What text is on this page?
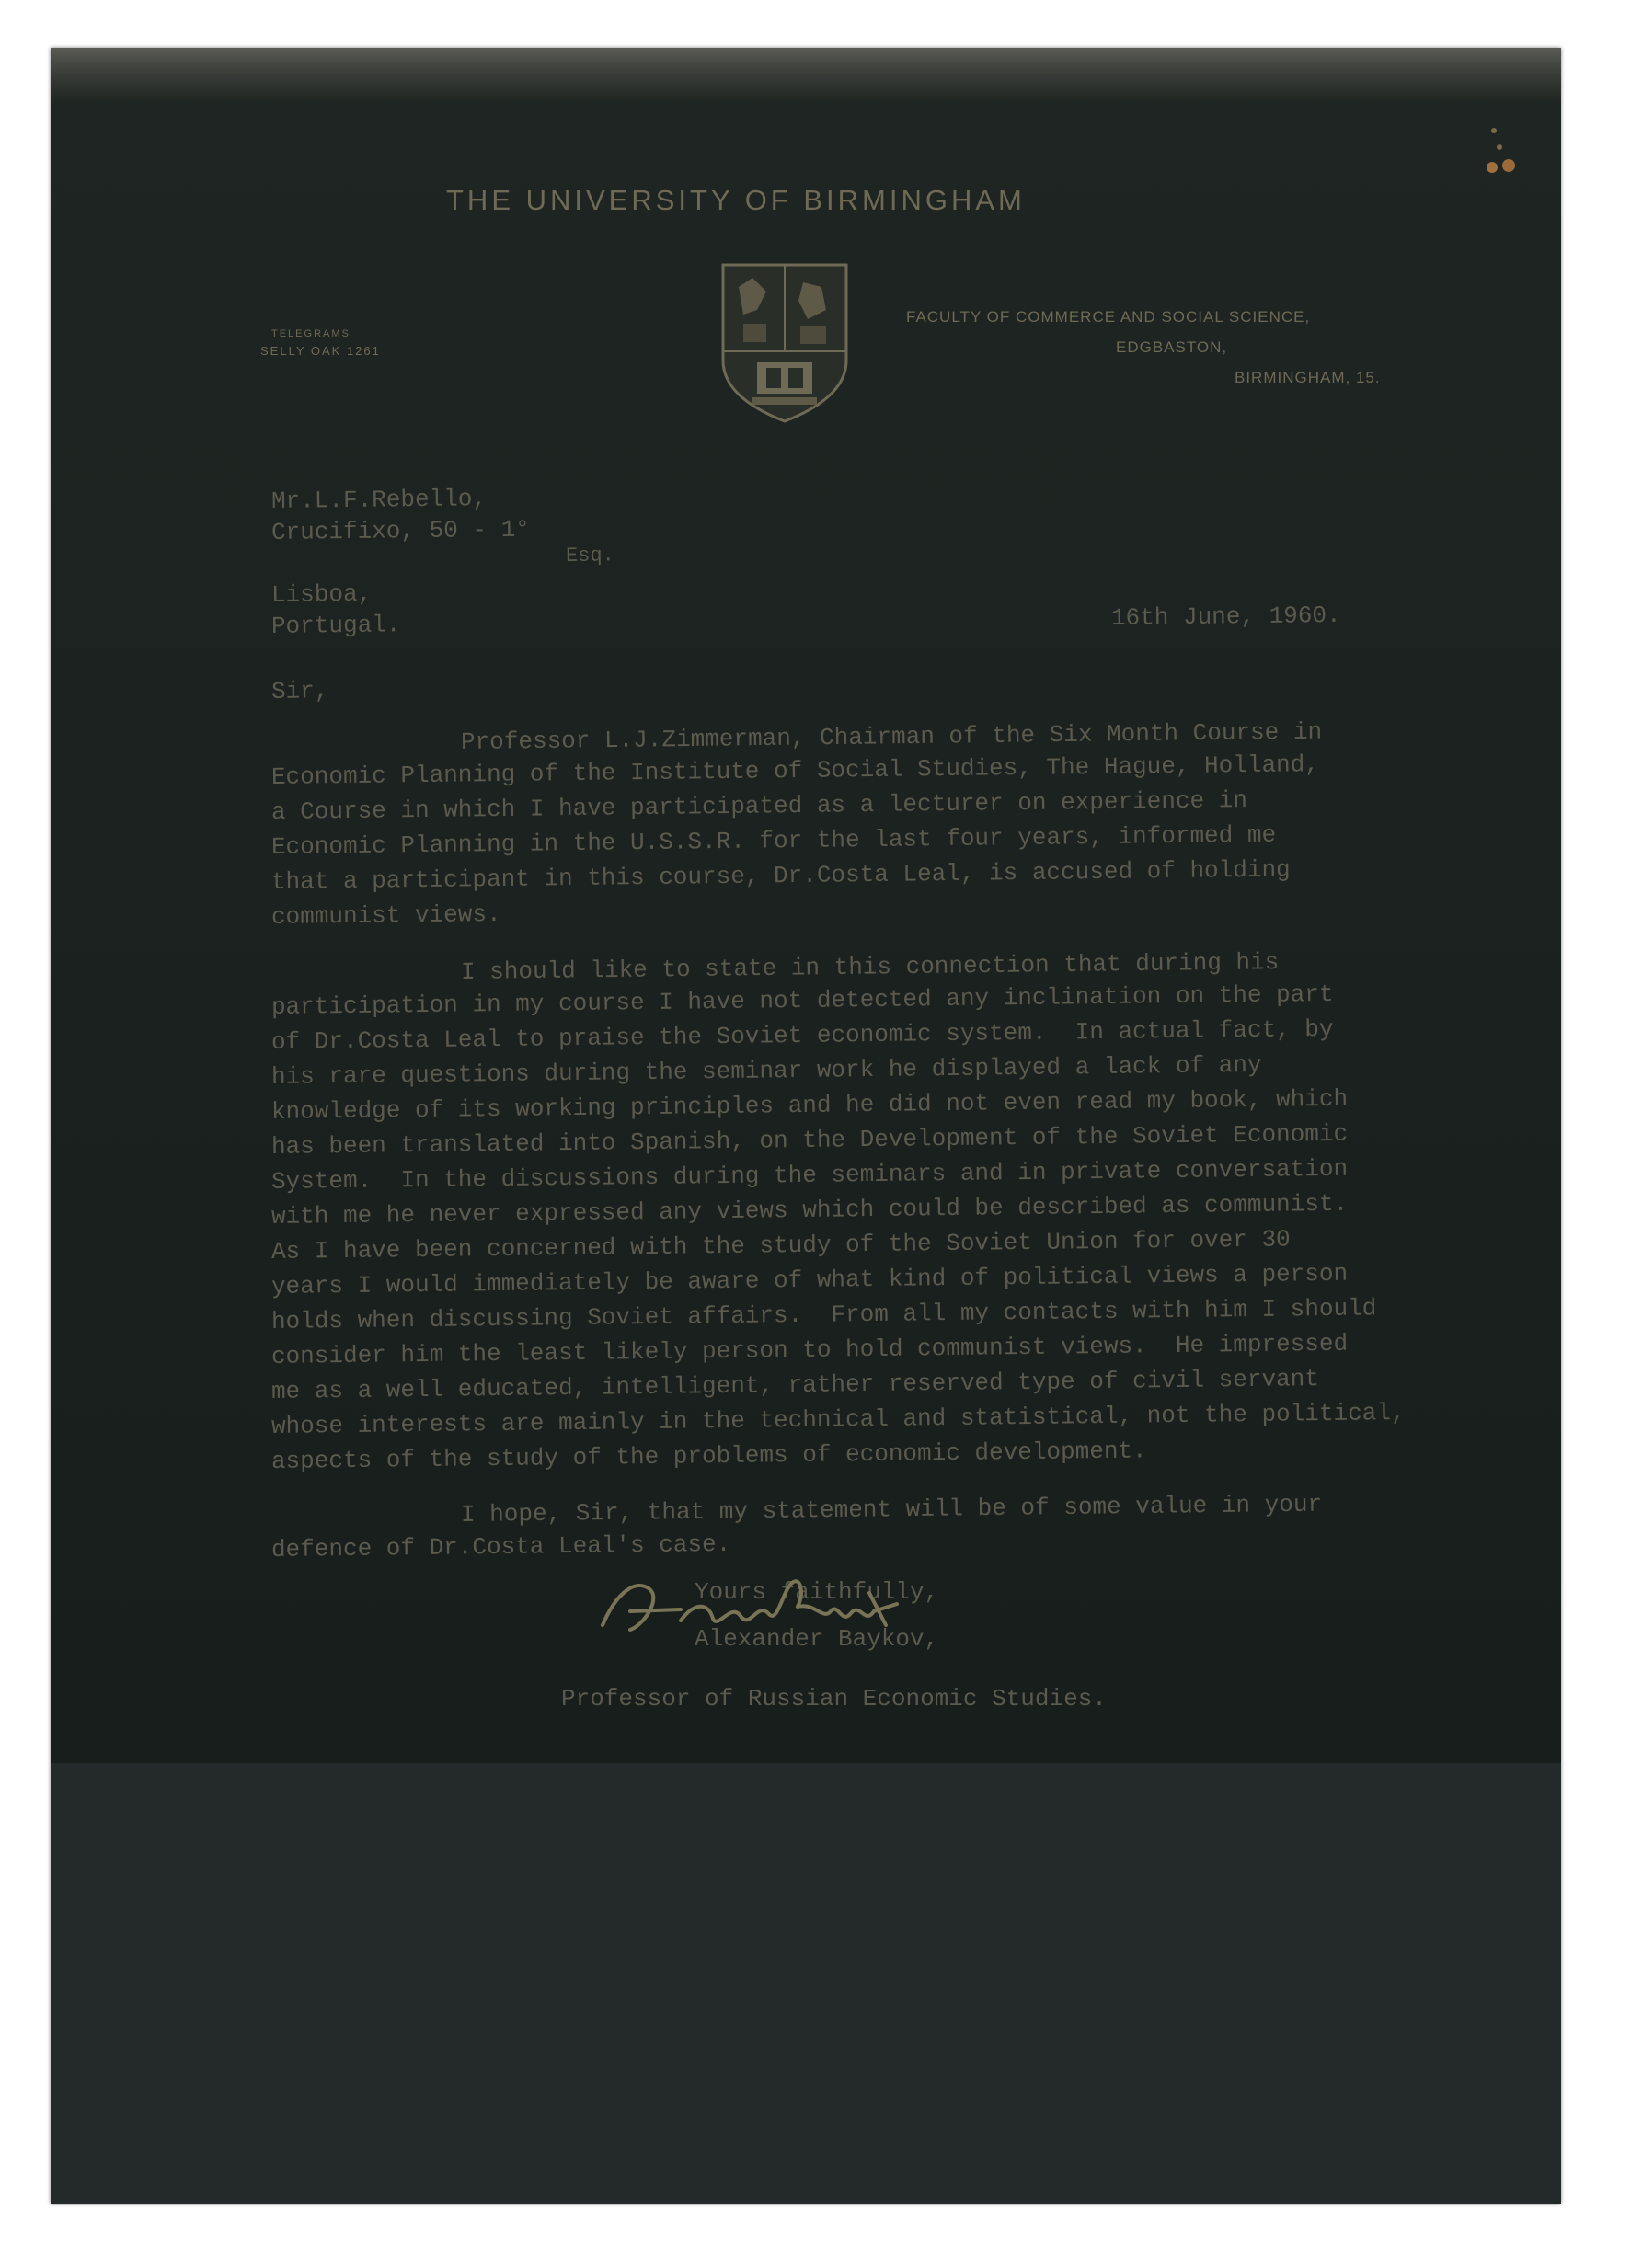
THE UNIVERSITY OF BIRMINGHAM
TELEGRAMS
SELLY OAK 1261
FACULTY OF COMMERCE AND SOCIAL SCIENCE,
EDGBASTON,
BIRMINGHAM, 15.
Mr.L.F.Rebello,
Crucifixo, 50 - 1°
Esq.
Lisboa,
Portugal.	16th June, 1960.
Sir,
Professor L.J.Zimmerman, Chairman of the Six Month Course in
Economic Planning of the Institute of Social Studies, The Hague, Holland,
a Course in which I have participated as a lecturer on experience in
Economic Planning in the U.S.S.R. for the last four years, informed me
that a participant in this course, Dr.Costa Leal, is accused of holding
communist views.
I should like to state in this connection that during his
participation in my course I have not detected any inclination on the part
of Dr.Costa Leal to praise the Soviet economic system.  In actual fact, by
his rare questions during the seminar work he displayed a lack of any
knowledge of its working principles and he did not even read my book, which
has been translated into Spanish, on the Development of the Soviet Economic
System.  In the discussions during the seminars and in private conversation
with me he never expressed any views which could be described as communist.
As I have been concerned with the study of the Soviet Union for over 30
years I would immediately be aware of what kind of political views a person
holds when discussing Soviet affairs.  From all my contacts with him I should
consider him the least likely person to hold communist views.  He impressed
me as a well educated, intelligent, rather reserved type of civil servant
whose interests are mainly in the technical and statistical, not the political,
aspects of the study of the problems of economic development.
I hope, Sir, that my statement will be of some value in your
defence of Dr.Costa Leal's case.
Yours faithfully,
Alexander Baykov,
Professor of Russian Economic Studies.
